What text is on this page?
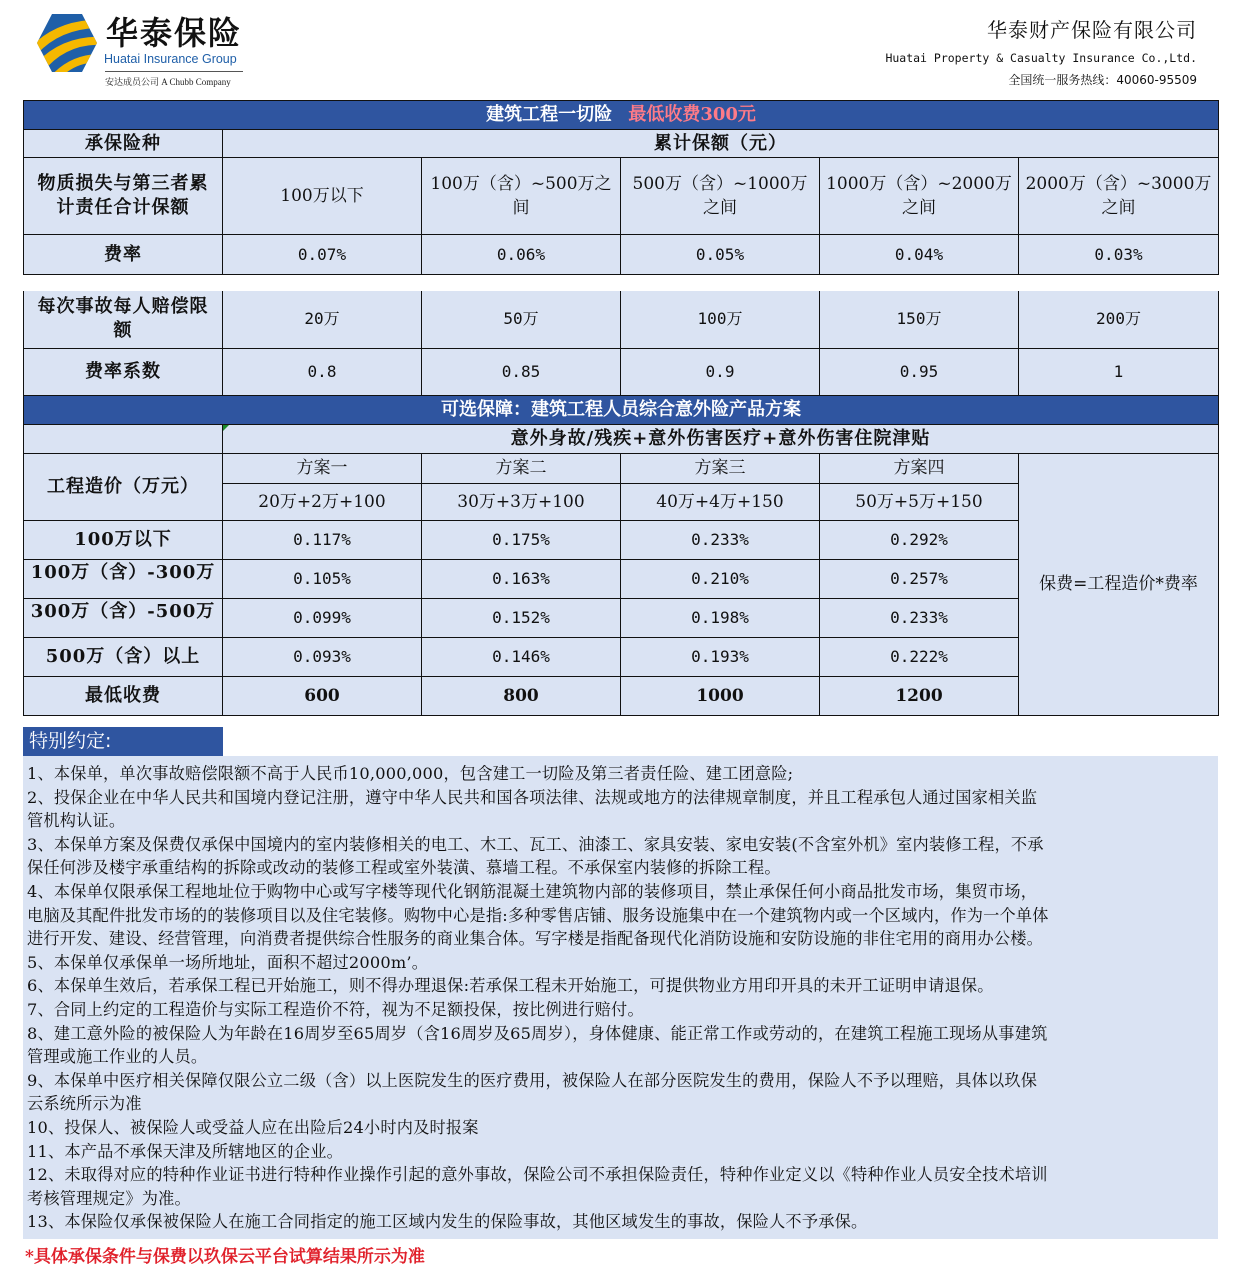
华泰保险
Huatai Insurance Group
安达成员公司 A Chubb Company
华泰财产保险有限公司
Huatai Property & Casualty Insurance Co.,Ltd.
全国统一服务热线：40060-95509
建筑工程一切险 最低收费300元					
承保险种	累计保额（元）				
物质损失与第三者累计责任合计保额	100万以下	100万（含）~500万之间	500万（含）~1000万之间	1000万（含）~2000万之间	2000万（含）~3000万之间
费率	0.07%	0.06%	0.05%	0.04%	0.03%
每次事故每人赔偿限额	20万	50万	100万	150万	200万
费率系数	0.8	0.85	0.9	0.95	1
可选保障：建筑工程人员综合意外险产品方案					
	意外身故/残疾+意外伤害医疗+意外伤害住院津贴				
工程造价（万元）	方案一	方案二	方案三	方案四	保费=工程造价*费率
	20万+2万+100	30万+3万+100	40万+4万+150	50万+5万+150	
100万以下	0.117%	0.175%	0.233%	0.292%	

100万（含）-300万	0.105%	0.163%	0.210%	0.257%	

300万（含）-500万	0.099%	0.152%	0.198%	0.233%	
500万（含）以上	0.093%	0.146%	0.193%	0.222%	
最低收费	600	800	1000	1200	
特别约定:
1、本保单，单次事故赔偿限额不高于人民币10,000,000，包含建工一切险及第三者责任险、建工团意险;
2、投保企业在中华人民共和国境内登记注册，遵守中华人民共和国各项法律、法规或地方的法律规章制度，并且工程承包人通过国家相关监
管机构认证。
3、本保单方案及保费仅承保中国境内的室内装修相关的电工、木工、瓦工、油漆工、家具安装、家电安装(不含室外机》室内装修工程，不承
保任何涉及楼宇承重结构的拆除或改动的装修工程或室外装潢、慕墙工程。不承保室内装修的拆除工程。
4、本保单仅限承保工程地址位于购物中心或写字楼等现代化钢筋混凝土建筑物内部的装修项目，禁止承保任何小商品批发市场，集贸市场，
电脑及其配件批发市场的的装修项目以及住宅装修。购物中心是指:多种零售店铺、服务设施集中在一个建筑物内或一个区域内，作为一个单体
进行开发、建设、经营管理，向消费者提供综合性服务的商业集合体。写字楼是指配备现代化消防设施和安防设施的非住宅用的商用办公楼。
5、本保单仅承保单一场所地址，面积不超过2000m’。
6、本保单生效后，若承保工程已开始施工，则不得办理退保:若承保工程未开始施工，可提供物业方用印开具的未开工证明申请退保。
7、合同上约定的工程造价与实际工程造价不符，视为不足额投保，按比例进行赔付。
8、建工意外险的被保险人为年龄在16周岁至65周岁（含16周岁及65周岁），身体健康、能正常工作或劳动的，在建筑工程施工现场从事建筑
管理或施工作业的人员。
9、本保单中医疗相关保障仅限公立二级（含）以上医院发生的医疗费用，被保险人在部分医院发生的费用，保险人不予以理赔，具体以玖保
云系统所示为准
10、投保人、被保险人或受益人应在出险后24小时内及时报案
11、本产品不承保天津及所辖地区的企业。
12、未取得对应的特种作业证书进行特种作业操作引起的意外事故，保险公司不承担保险责任，特种作业定义以《特种作业人员安全技术培训
考核管理规定》为准。
13、本保险仅承保被保险人在施工合同指定的施工区域内发生的保险事故，其他区域发生的事故，保险人不予承保。
*具体承保条件与保费以玖保云平台试算结果所示为准
